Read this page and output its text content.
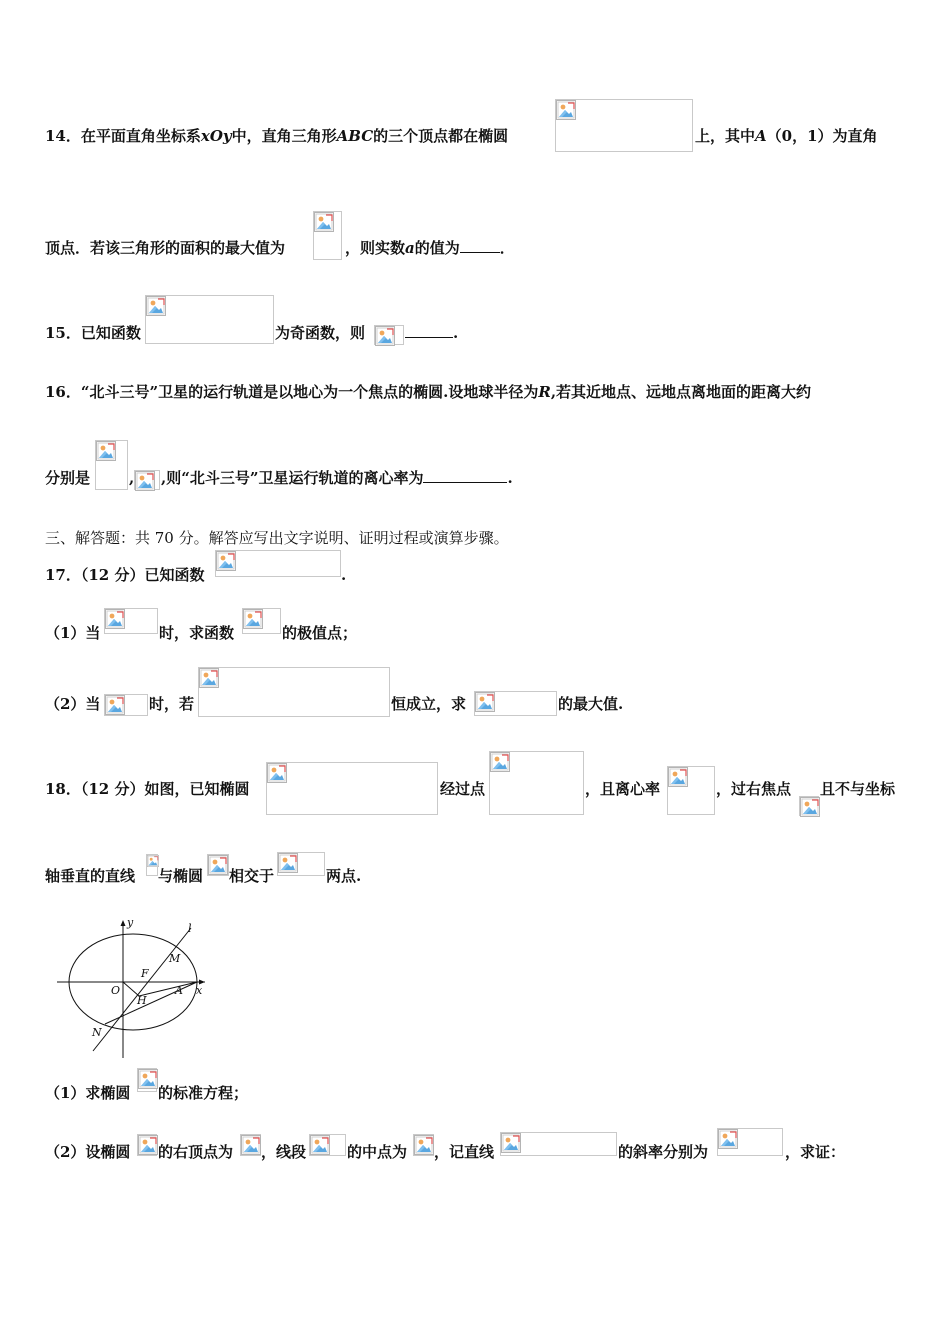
14．在平面直角坐标系xOy中，直角三角形ABC的三个顶点都在椭圆	上，其中A（0，1）为直角
顶点．若该三角形的面积的最大值为	，则实数a的值为	．
15．已知函数	为奇函数，则	.
16．“北斗三号”卫星的运行轨道是以地心为一个焦点的椭圆.设地球半径为R,若其近地点、远地点离地面的距离大约
分别是	, ,则“北斗三号”卫星运行轨道的离心率为	.
三、解答题：共 70 分。解答应写出文字说明、证明过程或演算步骤。
17．（12 分）已知函数	.
（1）当	时，求函数	的极值点；
（2）当	时，若	恒成立，求	的最大值.
18．（12 分）如图，已知椭圆	经过点	，且离心率	，过右焦点 且不与坐标
轴垂直的直线 与椭圆 相交于	两点.
y	l
M
F
O
H
A x
N
（1）求椭圆 的标准方程；
（2）设椭圆 的右顶点为 ，线段	的中点为 ，记直线	的斜率分别为	，求证：
